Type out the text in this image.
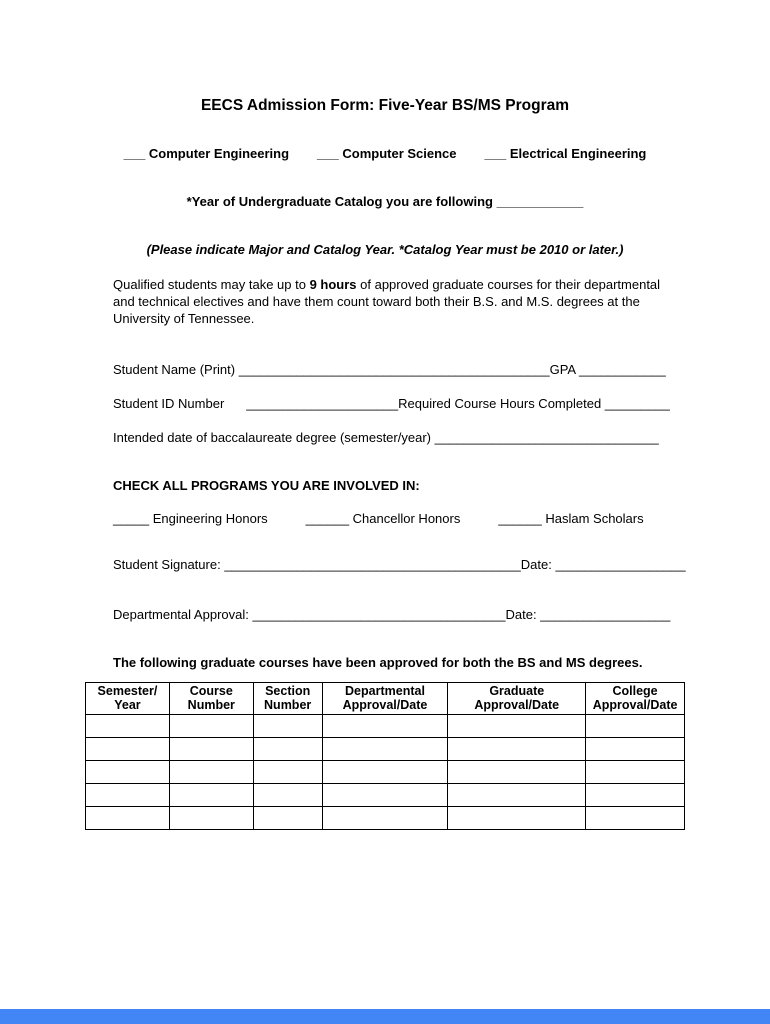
EECS Admission Form: Five-Year BS/MS Program
___ Computer Engineering ___ Computer Science ___ Electrical Engineering
*Year of Undergraduate Catalog you are following ____________
(Please indicate Major and Catalog Year. *Catalog Year must be 2010 or later.)

Qualified students may take up to 9 hours of approved graduate courses for their departmental and technical electives and have them count toward both their B.S. and M.S. degrees at the University of Tennessee.

Student Name (Print) ___________________________________________GPA ____________
Student ID Number _____________________Required Course Hours Completed _________
Intended date of baccalaureate degree (semester/year) _______________________________
CHECK ALL PROGRAMS YOU ARE INVOLVED IN:
_____ Engineering Honors	______ Chancellor Honors	______ Haslam Scholars
Student Signature: _________________________________________Date: __________________
Departmental Approval: ___________________________________Date: __________________
The following graduate courses have been approved for both the BS and MS degrees.
Semester/ Year	Course Number	Section Number	Departmental Approval/Date	Graduate Approval/Date	College Approval/Date
